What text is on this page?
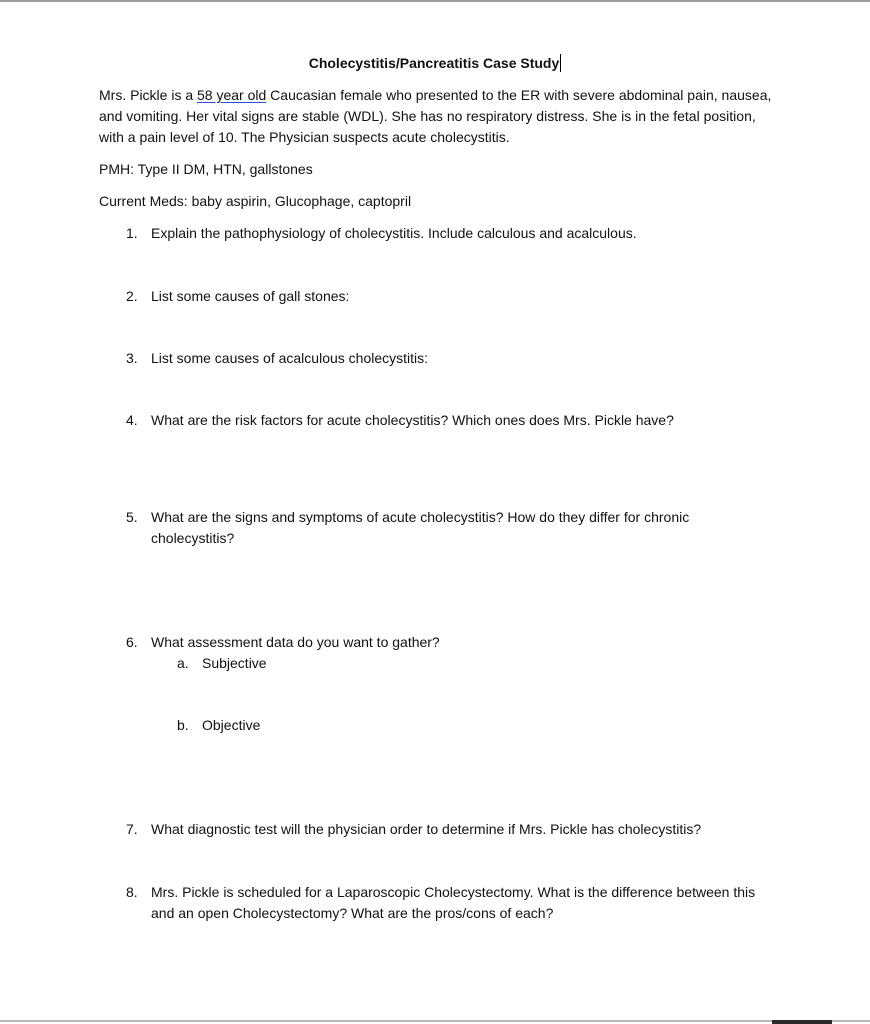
Cholecystitis/Pancreatitis Case Study
Mrs. Pickle is a 58 year old Caucasian female who presented to the ER with severe abdominal pain, nausea, and vomiting. Her vital signs are stable (WDL). She has no respiratory distress. She is in the fetal position, with a pain level of 10. The Physician suspects acute cholecystitis.
PMH: Type II DM, HTN, gallstones
Current Meds: baby aspirin, Glucophage, captopril
1. Explain the pathophysiology of cholecystitis. Include calculous and acalculous.
2. List some causes of gall stones:
3. List some causes of acalculous cholecystitis:
4. What are the risk factors for acute cholecystitis? Which ones does Mrs. Pickle have?
5. What are the signs and symptoms of acute cholecystitis? How do they differ for chronic cholecystitis?
6. What assessment data do you want to gather?
a. Subjective
b. Objective
7. What diagnostic test will the physician order to determine if Mrs. Pickle has cholecystitis?
8. Mrs. Pickle is scheduled for a Laparoscopic Cholecystectomy. What is the difference between this and an open Cholecystectomy? What are the pros/cons of each?
